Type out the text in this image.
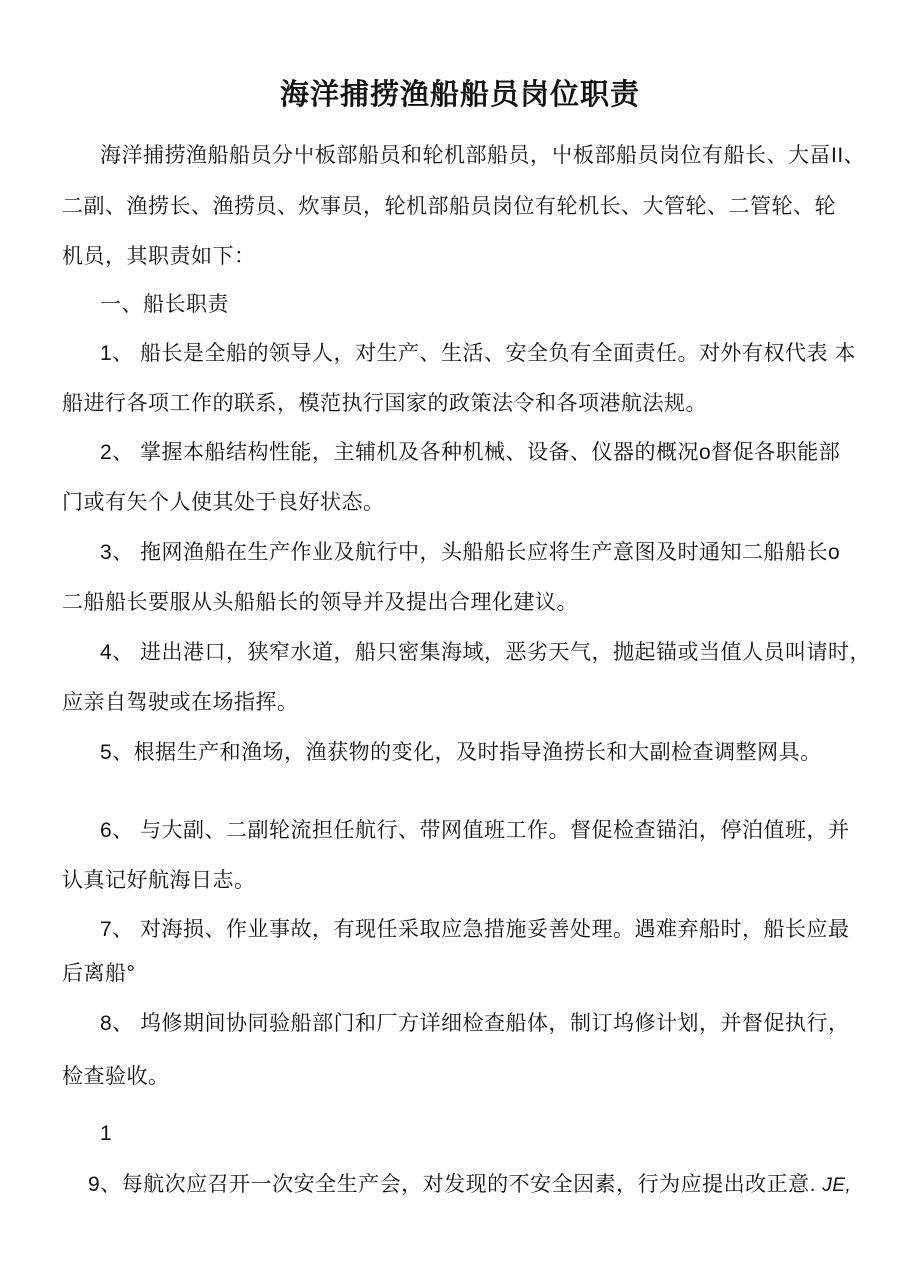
海洋捕捞渔船船员岗位职责
海洋捕捞渔船船员分屮板部船员和轮机部船员，屮板部船员岗位有船长、大畐II、
二副、渔捞长、渔捞员、炊事员，轮机部船员岗位有轮机长、大管轮、二管轮、轮
机员，其职责如下：
一、船长职责
1、 船长是全船的领导人，对生产、生活、安全负有全面责任。对外有权代表 本
船进行各项工作的联系，模范执行国家的政策法令和各项港航法规。
2、 掌握本船结构性能，主辅机及各种机械、设备、仪器的概况o督促各职能部
门或有矢个人使其处于良好状态。
3、 拖网渔船在生产作业及航行中，头船船长应将生产意图及时通知二船船长o
二船船长要服从头船船长的领导并及提出合理化建议。
4、 进出港口，狭窄水道，船只密集海域，恶劣天气，抛起锚或当值人员叫请时，
应亲自驾驶或在场指挥。
5、根据生产和渔场，渔获物的变化，及时指导渔捞长和大副检查调整网具。
6、 与大副、二副轮流担任航行、带网值班工作。督促检查锚泊，停泊值班，并
认真记好航海日志。
7、 对海损、作业事故，有现任采取应急措施妥善处理。遇难弃船时，船长应最
后离船°
8、 坞修期间协同验船部门和厂方详细检查船体，制订坞修计划，并督促执行，
检查验收。
1
9、每航次应召开一次安全生产会，对发现的不安全因素，行为应提出改正意. JE,
